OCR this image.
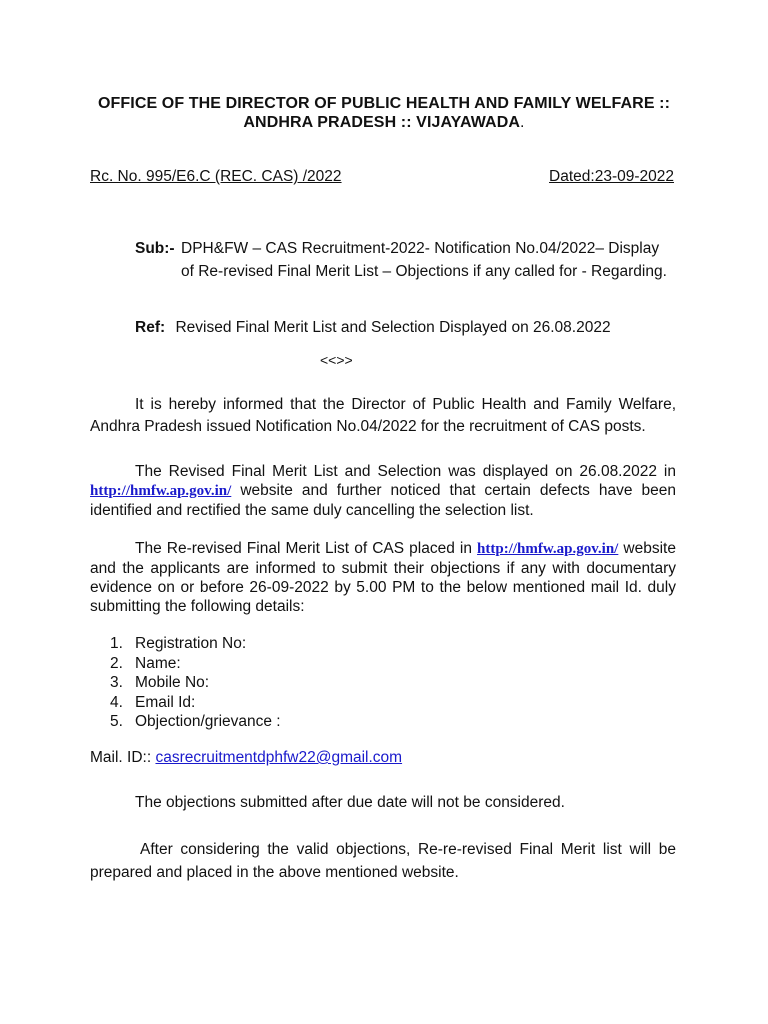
OFFICE OF THE DIRECTOR OF PUBLIC HEALTH AND FAMILY WELFARE ::
ANDHRA PRADESH :: VIJAYAWADA.
Rc. No. 995/E6.C (REC. CAS) /2022	Dated:23-09-2022
Sub:- DPH&FW – CAS Recruitment-2022- Notification No.04/2022– Display of Re-revised Final Merit List – Objections if any called for - Regarding.
Ref: Revised Final Merit List and Selection Displayed on 26.08.2022
<<>>
It is hereby informed that the Director of Public Health and Family Welfare, Andhra Pradesh issued Notification No.04/2022 for the recruitment of CAS posts.
The Revised Final Merit List and Selection was displayed on 26.08.2022 in http://hmfw.ap.gov.in/ website and further noticed that certain defects have been identified and rectified the same duly cancelling the selection list.
The Re-revised Final Merit List of CAS placed in http://hmfw.ap.gov.in/ website and the applicants are informed to submit their objections if any with documentary evidence on or before 26-09-2022 by 5.00 PM to the below mentioned mail Id. duly submitting the following details:
1. Registration No:
2. Name:
3. Mobile No:
4. Email Id:
5. Objection/grievance :
Mail. ID:: casrecruitmentdphfw22@gmail.com
The objections submitted after due date will not be considered.
After considering the valid objections, Re-re-revised Final Merit list will be prepared and placed in the above mentioned website.
